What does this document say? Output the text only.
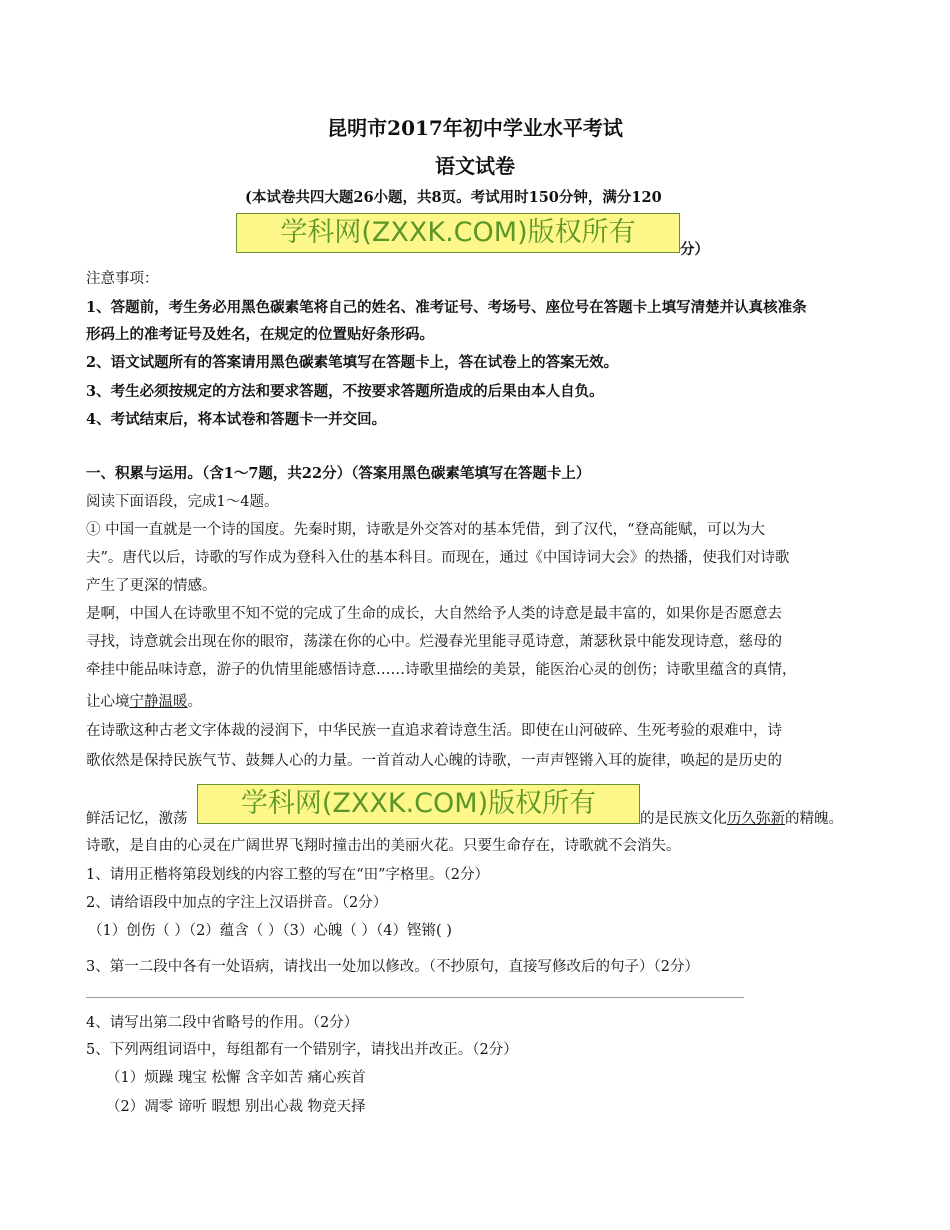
昆明市2017年初中学业水平考试
语文试卷
(本试卷共四大题26小题，共8页。考试用时150分钟，满分120
学科网(ZXXK.COM)版权所有
分）
注意事项：
1、答题前，考生务必用黑色碳素笔将自己的姓名、准考证号、考场号、座位号在答题卡上填写清楚并认真核准条
形码上的准考证号及姓名，在规定的位置贴好条形码。
2、语文试题所有的答案请用黑色碳素笔填写在答题卡上，答在试卷上的答案无效。
3、考生必须按规定的方法和要求答题，不按要求答题所造成的后果由本人自负。
4、考试结束后，将本试卷和答题卡一并交回。
一、积累与运用。（含1～7题，共22分）（答案用黑色碳素笔填写在答题卡上）
阅读下面语段，完成1～4题。
① 中国一直就是一个诗的国度。先秦时期，诗歌是外交答对的基本凭借，到了汉代，“登高能赋，可以为大
夫”。唐代以后，诗歌的写作成为登科入仕的基本科目。而现在，通过《中国诗词大会》的热播，使我们对诗歌
产生了更深的情感。
是啊，中国人在诗歌里不知不觉的完成了生命的成长，大自然给予人类的诗意是最丰富的，如果你是否愿意去
寻找，诗意就会出现在你的眼帘，荡漾在你的心中。烂漫春光里能寻觅诗意，萧瑟秋景中能发现诗意，慈母的
牵挂中能品味诗意，游子的仇情里能感悟诗意……诗歌里描绘的美景，能医治心灵的创伤；诗歌里蕴含的真情，
让心境宁静温暖。
在诗歌这种古老文字体裁的浸润下，中华民族一直追求着诗意生活。即使在山河破碎、生死考验的艰难中，诗
歌依然是保持民族气节、鼓舞人心的力量。一首首动人心魄的诗歌，一声声铿锵入耳的旋律，唤起的是历史的
鲜活记忆，激荡	学科网(ZXXK.COM)版权所有	的是民族文化历久弥新的精魄。
诗歌，是自由的心灵在广阔世界飞翔时撞击出的美丽火花。只要生命存在，诗歌就不会消失。
1、请用正楷将第段划线的内容工整的写在“田”字格里。（2分）
2、请给语段中加点的字注上汉语拼音。（2分）
（1）创伤（ ）（2）蕴含（ ）（3）心魄（ ）（4）铿锵( )
3、第一二段中各有一处语病，请找出一处加以修改。（不抄原句，直接写修改后的句子）（2分）
4、请写出第二段中省略号的作用。（2分）
5、下列两组词语中，每组都有一个错别字，请找出并改正。（2分）
（1）烦躁 瑰宝 松懈 含辛如苦 痛心疾首
（2）凋零 谛听 暇想 别出心裁 物竞天择
